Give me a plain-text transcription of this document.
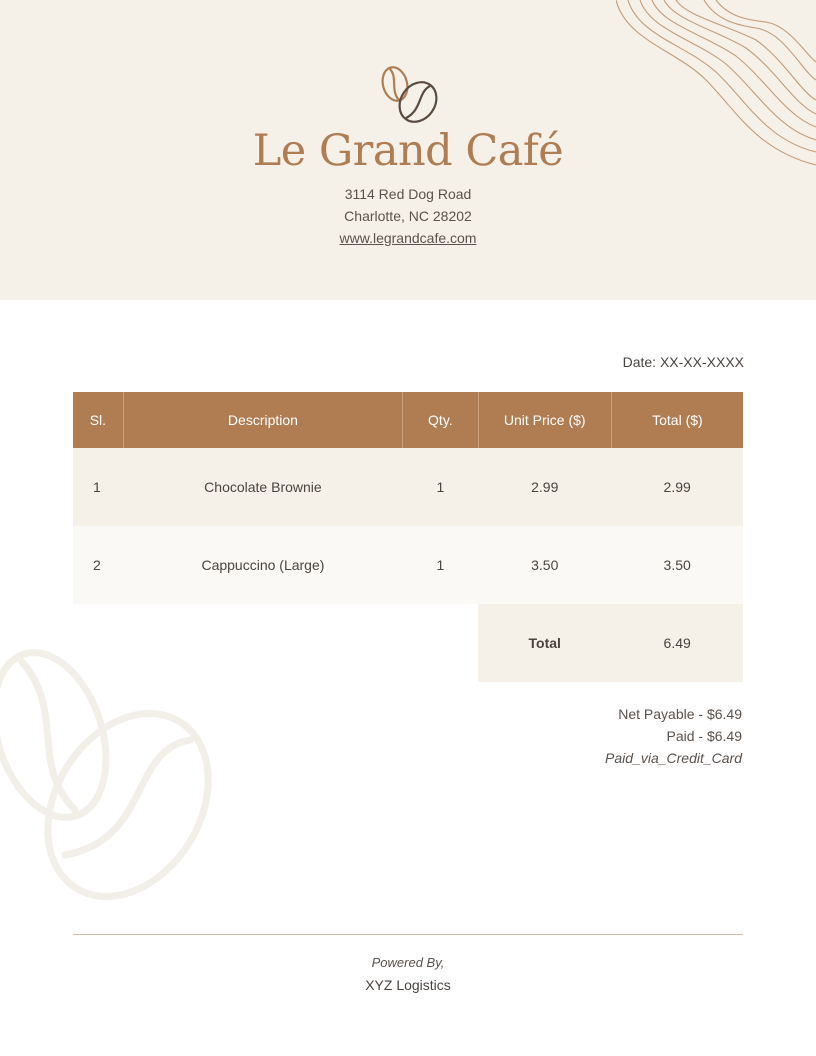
Le Grand Café
3114 Red Dog Road
Charlotte, NC 28202
www.legrandcafe.com
Date: XX-XX-XXXX
Sl.	Description	Qty.	Unit Price ($)	Total ($)
1	Chocolate Brownie	1	2.99	2.99
2	Cappuccino (Large)	1	3.50	3.50
			Total	6.49
Net Payable - $6.49
Paid - $6.49
Paid_via_Credit_Card
Powered By,
XYZ Logistics
